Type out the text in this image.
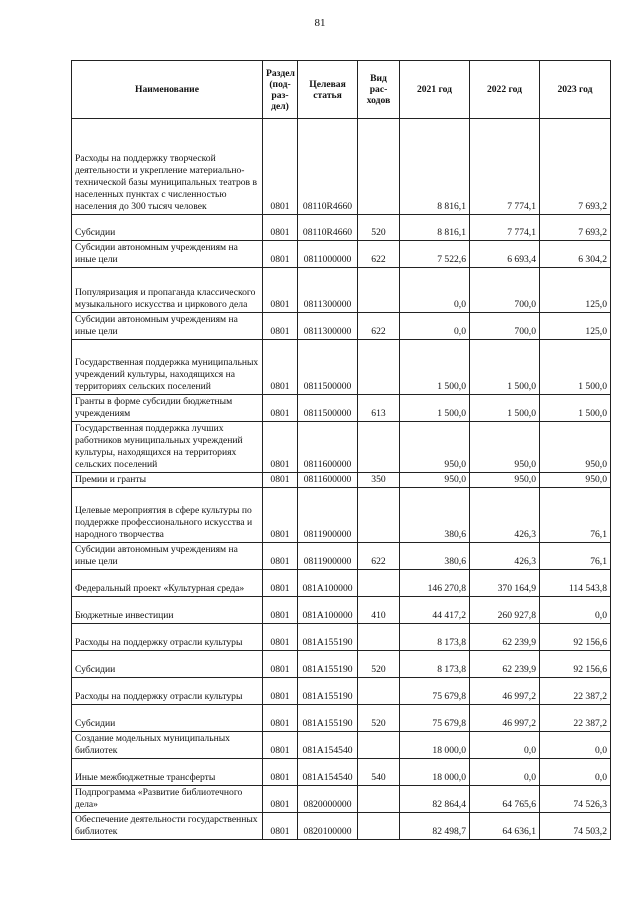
81
Наименование	Раздел (под-раз-дел)	Целевая статья	Вид рас-ходов	2021 год	2022 год	2023 год
Расходы на поддержку творческой деятельности и укрепление материально-технической базы муниципальных театров в населенных пунктах с численностью населения до 300 тысяч человек	0801	08110R4660		8 816,1	7 774,1	7 693,2
Субсидии	0801	08110R4660	520	8 816,1	7 774,1	7 693,2
Субсидии автономным учреждениям на иные цели	0801	0811000000	622	7 522,6	6 693,4	6 304,2
Популяризация и пропаганда классического музыкального искусства и циркового дела	0801	0811300000		0,0	700,0	125,0
Субсидии автономным учреждениям на иные цели	0801	0811300000	622	0,0	700,0	125,0
Государственная поддержка муниципальных учреждений культуры, находящихся на территориях сельских поселений	0801	0811500000		1 500,0	1 500,0	1 500,0
Гранты в форме субсидии бюджетным учреждениям	0801	0811500000	613	1 500,0	1 500,0	1 500,0
Государственная поддержка лучших работников муниципальных учреждений культуры, находящихся на территориях сельских поселений	0801	0811600000		950,0	950,0	950,0
Премии и гранты	0801	0811600000	350	950,0	950,0	950,0
Целевые мероприятия в сфере культуры по поддержке профессионального искусства и народного творчества	0801	0811900000		380,6	426,3	76,1
Субсидии автономным учреждениям на иные цели	0801	0811900000	622	380,6	426,3	76,1
Федеральный проект «Культурная среда»	0801	081A100000		146 270,8	370 164,9	114 543,8
Бюджетные инвестиции	0801	081A100000	410	44 417,2	260 927,8	0,0
Расходы на поддержку отрасли культуры	0801	081A155190		8 173,8	62 239,9	92 156,6
Субсидии	0801	081A155190	520	8 173,8	62 239,9	92 156,6
Расходы на поддержку отрасли культуры	0801	081A155190		75 679,8	46 997,2	22 387,2
Субсидии	0801	081A155190	520	75 679,8	46 997,2	22 387,2
Создание модельных муниципальных библиотек	0801	081A154540		18 000,0	0,0	0,0
Иные межбюджетные трансферты	0801	081A154540	540	18 000,0	0,0	0,0
Подпрограмма «Развитие библиотечного дела»	0801	0820000000		82 864,4	64 765,6	74 526,3
Обеспечение деятельности государственных библиотек	0801	0820100000		82 498,7	64 636,1	74 503,2
